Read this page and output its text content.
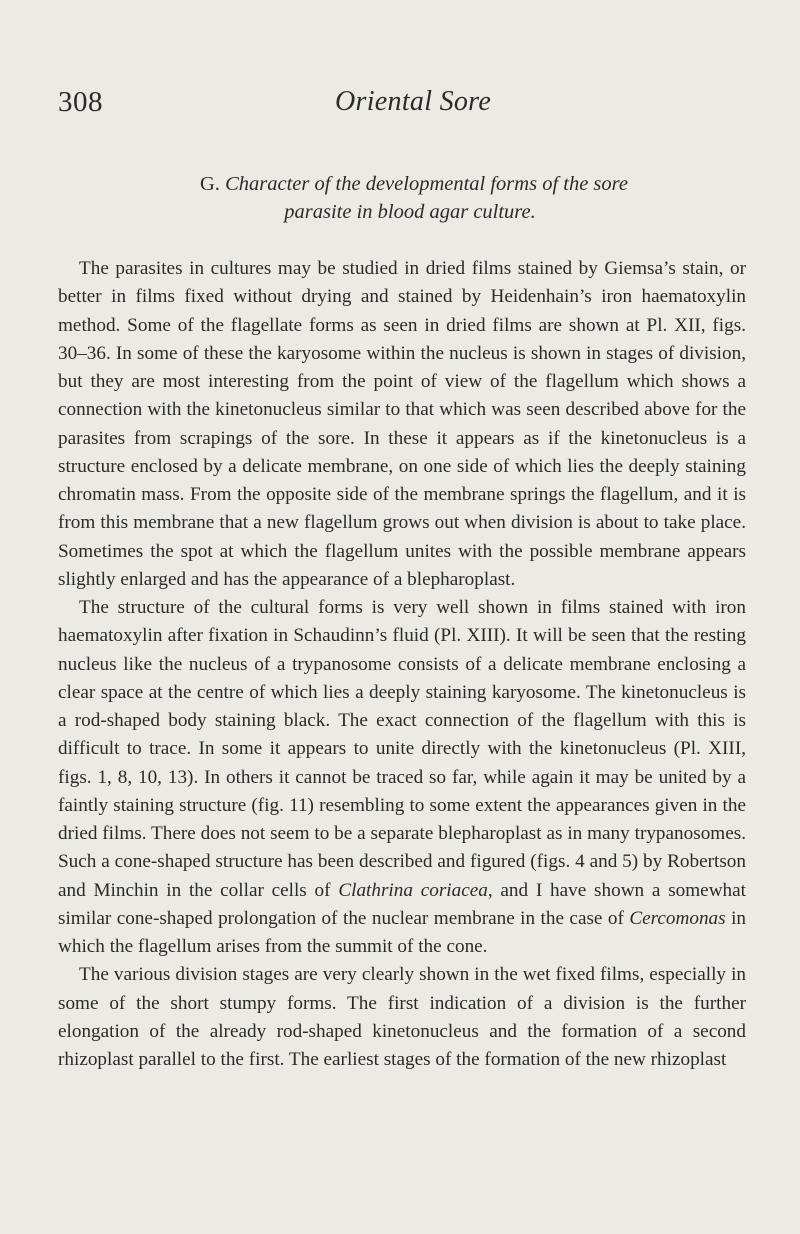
308	Oriental Sore
G. Character of the developmental forms of the sore
parasite in blood agar culture.

The parasites in cultures may be studied in dried films stained by Giemsa’s stain, or better in films fixed without drying and stained by Heidenhain’s iron haematoxylin method. Some of the flagellate forms as seen in dried films are shown at Pl. XII, figs. 30–36. In some of these the karyosome within the nucleus is shown in stages of division, but they are most interesting from the point of view of the flagellum which shows a connection with the kinetonucleus similar to that which was seen described above for the parasites from scrapings of the sore. In these it appears as if the kinetonucleus is a structure enclosed by a delicate membrane, on one side of which lies the deeply staining chromatin mass. From the opposite side of the membrane springs the flagellum, and it is from this membrane that a new flagellum grows out when division is about to take place. Sometimes the spot at which the flagellum unites with the possible membrane appears slightly enlarged and has the appearance of a blepharoplast.

The structure of the cultural forms is very well shown in films stained with iron haematoxylin after fixation in Schaudinn’s fluid (Pl. XIII). It will be seen that the resting nucleus like the nucleus of a trypanosome consists of a delicate membrane enclosing a clear space at the centre of which lies a deeply staining karyosome. The kinetonucleus is a rod-shaped body staining black. The exact connection of the flagellum with this is difficult to trace. In some it appears to unite directly with the kinetonucleus (Pl. XIII, figs. 1, 8, 10, 13). In others it cannot be traced so far, while again it may be united by a faintly staining structure (fig. 11) resembling to some extent the appearances given in the dried films. There does not seem to be a separate blepharoplast as in many trypanosomes. Such a cone-shaped structure has been described and figured (figs. 4 and 5) by Robertson and Minchin in the collar cells of Clathrina coriacea, and I have shown a somewhat similar cone-shaped prolongation of the nuclear membrane in the case of Cercomonas in which the flagellum arises from the summit of the cone.

The various division stages are very clearly shown in the wet fixed films, especially in some of the short stumpy forms. The first indication of a division is the further elongation of the already rod-shaped kinetonucleus and the formation of a second rhizoplast parallel to the first. The earliest stages of the formation of the new rhizoplast
